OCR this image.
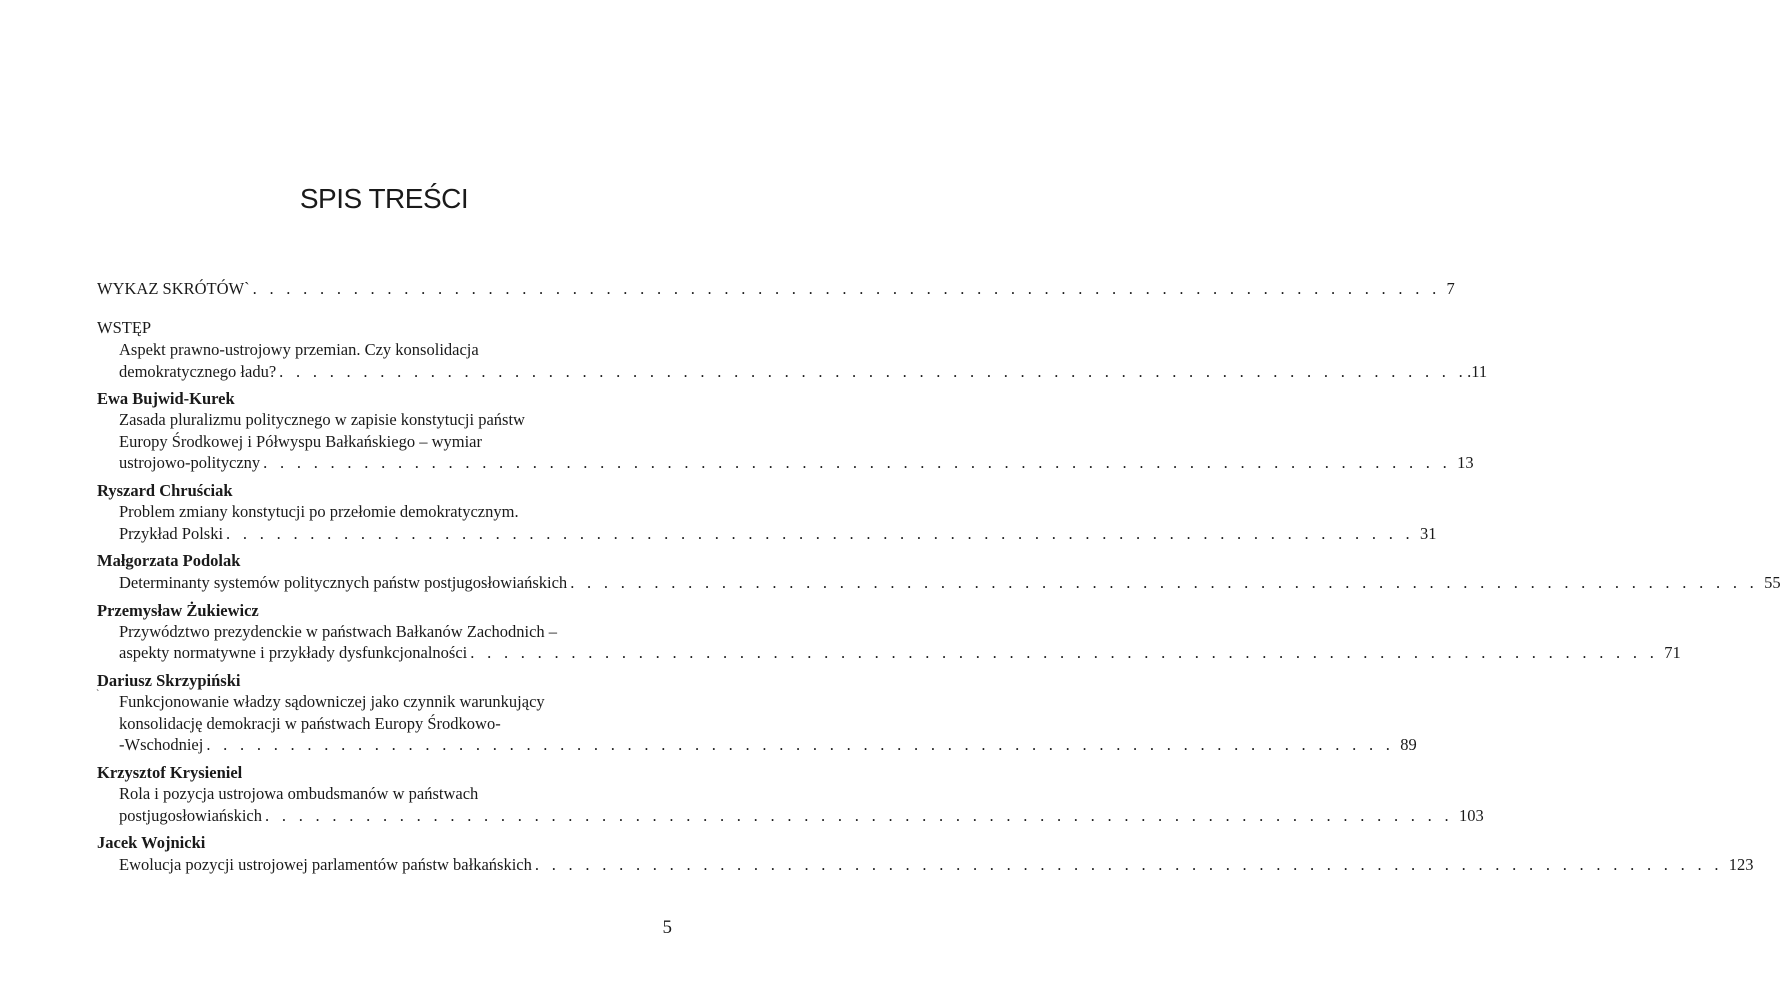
SPIS TREŚCI
WYKAZ SKRÓTÓW` . . . . . . . . . . . . . . . . . . . . . . . . . . . . . . . . . . . . . . . . . . . . . . . . . . . . . . . . . . . . . . . . . . . . . . . 7
WSTĘP
Aspekt prawno-ustrojowy przemian. Czy konsolidacja
demokratycznego ładu? . . . . . . . . . . . . . . . . . . . . . . . . . . . . . . . . . . . . . . . . . . . . . . . . . . . . . . . . . . . . . . . . . . . . . . . .11
Ewa Bujwid-Kurek
Zasada pluralizmu politycznego w zapisie konstytucji państw
Europy Środkowej i Półwyspu Bałkańskiego – wymiar
ustrojowo-polityczny . . . . . . . . . . . . . . . . . . . . . . . . . . . . . . . . . . . . . . . . . . . . . . . . . . . . . . . . . . . . . . . . . . . . . . . 13
Ryszard Chruściak
Problem zmiany konstytucji po przełomie demokratycznym.
Przykład Polski . . . . . . . . . . . . . . . . . . . . . . . . . . . . . . . . . . . . . . . . . . . . . . . . . . . . . . . . . . . . . . . . . . . . . . . 31
Małgorzata Podolak
Determinanty systemów politycznych państw postjugosłowiańskich . . . . . . . . . . . . . . . . . . . . . . . . . . . . . . . . . . . . . . . . . . . . . . . . . . . . . . . . . . . . . . . . . . . . . . . 55
Przemysław Żukiewicz
Przywództwo prezydenckie w państwach Bałkanów Zachodnich –
aspekty normatywne i przykłady dysfunkcjonalności . . . . . . . . . . . . . . . . . . . . . . . . . . . . . . . . . . . . . . . . . . . . . . . . . . . . . . . . . . . . . . . . . . . . . . . 71
Dariusz Skrzypiński
Funkcjonowanie władzy sądowniczej jako czynnik warunkujący
konsolidację demokracji w państwach Europy Środkowo-
-Wschodniej . . . . . . . . . . . . . . . . . . . . . . . . . . . . . . . . . . . . . . . . . . . . . . . . . . . . . . . . . . . . . . . . . . . . . . . 89
Krzysztof Krysieniel
Rola i pozycja ustrojowa ombudsmanów w państwach
postjugosłowiańskich . . . . . . . . . . . . . . . . . . . . . . . . . . . . . . . . . . . . . . . . . . . . . . . . . . . . . . . . . . . . . . . . . . . . . . . 103
Jacek Wojnicki
Ewolucja pozycji ustrojowej parlamentów państw bałkańskich . . . . . . . . . . . . . . . . . . . . . . . . . . . . . . . . . . . . . . . . . . . . . . . . . . . . . . . . . . . . . . . . . . . . . . . 123
`
5
